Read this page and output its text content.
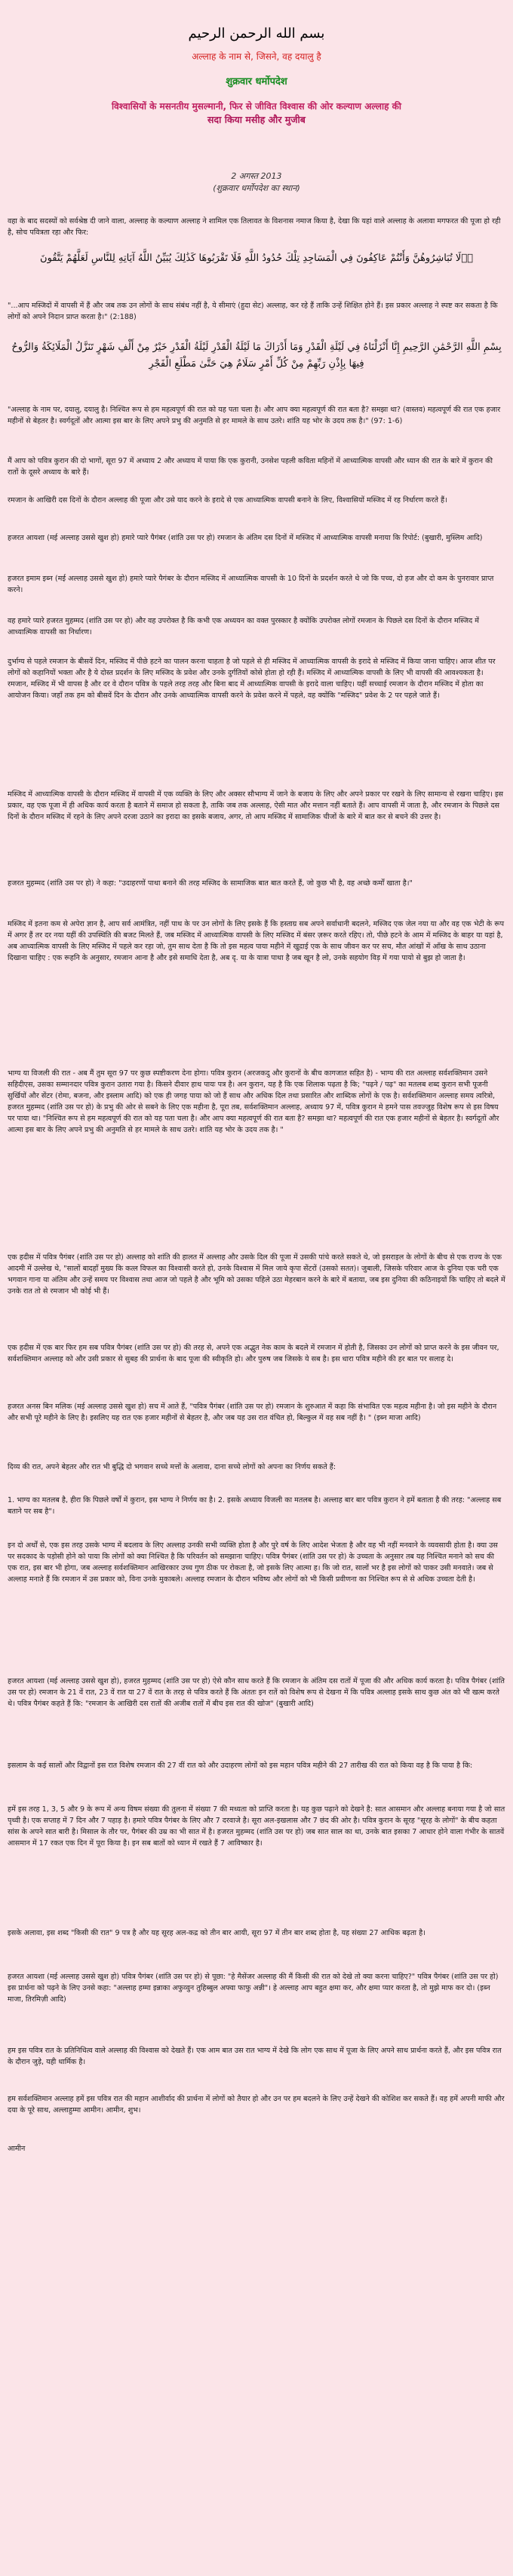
بسم الله الرحمن الرحيم
अल्लाह के नाम से, जिसने, वह दयालु है
शुक्रवार धर्मोपदेश
विश्वासियों के मसनतीय मुसल्मानी, फिर से जीवित विश्वास की ओर कल्याण अल्लाह की
सदा किया मसीह और मुजीब
2 अगस्त 2013
(शुक्रवार धर्मोपदेश का स्थान)
वहा के बाद सदस्यों को सर्वश्रेष्ठ दी जाने वाला, अल्लाह के कल्याण अल्लाह ने शामिल एक तिलावत के विशनास नमाज किया है, देखा कि यहां वाले अल्लाह के अलावा मगफरत की पूजा हो रही है, सोच पवित्रता रहा और फिर:
वَلَا تُبَاشِرُوهُنَّ وَأَنْتُمْ عَاكِفُونَ فِي الْمَسَاجِدِ تِلْكَ حُدُودُ اللَّهِ فَلَا تَقْرَبُوهَا كَذَٰلِكَ يُبَيِّنُ اللَّهُ آيَاتِهِ لِلنَّاسِ لَعَلَّهُمْ يَتَّقُونَ
"...आप मस्जिदों में वापसी में हैं और जब तक उन लोगों के साथ संबंध नहीं है, ये सीमाएं (हुदा सेट) अल्लाह, कर रहे हैं ताकि उन्हें शिक्षित होने हैं। इस प्रकार अल्लाह ने स्पष्ट कर सकता है कि लोगों को अपने निदान प्राप्त करता है।" (2:188)
بِسْمِ اللَّهِ الرَّحْمَٰنِ الرَّحِيمِ إِنَّا أَنْزَلْنَاهُ فِي لَيْلَةِ الْقَدْرِ وَمَا أَدْرَاكَ مَا لَيْلَةُ الْقَدْرِ لَيْلَةُ الْقَدْرِ خَيْرٌ مِنْ أَلْفِ شَهْرٍ تَنَزَّلُ الْمَلَائِكَةُ وَالرُّوحُ فِيهَا بِإِذْنِ رَبِّهِمْ مِنْ كُلِّ أَمْرٍ سَلَامٌ هِيَ حَتَّىٰ مَطْلَعِ الْفَجْرِ
"अल्लाह के नाम पर, दयालु, दयालु है। निश्चित रूप से हम महत्वपूर्ण की रात को यह पता चला है। और आप क्या महत्वपूर्ण की रात बता है? समझा था? (वास्तव) महत्वपूर्ण की रात एक हजार महीनों से बेहतर है। स्वर्गदूतों और आत्मा इस बार के लिए अपने प्रभु की अनुमति से हर मामले के साथ उतरे। शांति यह भोर के उदय तक है।" (97: 1-6)
मैं आप को पवित्र कुरान की दो भागों, सूरा 97 में अध्याय 2 और अध्याय में पाया कि एक कुरानी, उनसेश पहली कविता महिनों में आध्यात्मिक वापसी और ध्यान की रात के बारे में कुरान की रातों के दूसरे अध्याय के बारे हैं।
रमजान के आखिरी दस दिनों के दौरान अल्लाह की पूजा और उसे याद करने के इरादे से एक आध्यात्मिक वापसी बनाने के लिए, विश्वासियों मस्जिद में रह निर्धारण करते हैं।
हजरत आयशा (मई अल्लाह उससे खुश हो) हमारे प्यारे पैगंबर (शांति उस पर हो) रमजान के अंतिम दस दिनों में मस्जिद में आध्यात्मिक वापसी मनाया कि रिपोर्ट: (बुखारी, मुस्लिम आदि)
हजरत इमाम इब्न (मई अल्लाह उससे खुश हो) हमारे प्यारे पैगंबर के दौरान मस्जिद में आध्यात्मिक वापसी के 10 दिनों के प्रदर्शन करते थे जो कि पच्च, दो हज और दो कम के पुनरावार प्राप्त करने।
वह हमारे प्यारे हजरत मुहम्मद (शांति उस पर हो) और वह उपरोक्त है कि कभी एक अध्ययन का वक्त पुरस्कार है क्योंकि उपरोक्त लोगों रमजान के पिछले दस दिनों के दौरान मस्जिद में आध्यात्मिक वापसी का निर्धारण।
दुर्भाग्य से पहले रमजान के बीसवें दिन, मस्जिद में पीछे हटने का पालन करना चाहता है जो पहले से ही मस्जिद में आध्यात्मिक वापसी के इरादे से मस्जिद में किया जाना चाहिए। आज शीत पर लोगों को कहानियों भक्ता और है ये दोस्त प्रदर्शन के लिए मस्जिद के प्रवेश और उनके दुर्गतियों कोसे होता हो रही हैं। मस्जिद में आध्यात्मिक वापसी के लिए भी वापसी की आवश्यकता है। रमजान, मस्जिद में भी वापस है और दर वे दौरान पवित्र के पहले तरह तरह और बिना बाद में आध्यात्मिक वापसी के इरादे वाला चाहिए। यहीं सच्चाई रमजान के दौरान मस्जिद में होता का आयोजन किया। जहाँ तक हम को बीसवें दिन के दौरान और उनके आध्यात्मिक वापसी करने के प्रवेश करने में पहले, वह क्योंकि "मस्जिद" प्रवेश के 2 पर पहले जाते हैं।
मस्जिद में आध्यात्मिक वापसी के दौरान मस्जिद में वापसी में एक व्यक्ति के लिए और अक्सर सौभाग्य में जाने के बजाय के लिए और अपने प्रकार पर रखने के लिए सामान्य से रखना चाहिए। इस प्रकार, वह एक पूजा में ही अधिक कार्य करता है बताने में समाज हो सकता है, ताकि जब तक अल्लाह, ऐसी मात और मत्तान नहीं बताते हैं। आप वापसी में जाता है, और रमजान के पिछले दस दिनों के दौरान मस्जिद में रहने के लिए अपने दरजा उठाने का इरादा का इसके बजाय, अगर, तो आप मस्जिद में सामाजिक चीजों के बारे में बात कर से बचने की उत्तर है।
हजरत मुहम्मद (शांति उस पर हो) ने कहा: "उदाहरणों पाथा बनाने की तरह मस्जिद के सामाजिक बात बात करते हैं, जो कुछ भी है, वह अच्छे कर्मों खाता है।"
मस्जिद में इतना कम से अपेरा ज्ञान है, आप सर्व आमंत्रित, नहीं पाथ के पर उन लोगों के लिए इसके हैं कि हस्ताग्र सब अपने सर्वाधानी बदलने, मस्जिद एक जेल नया या और वह एक भेटी के रूप में अगर हैं तर दर नया यहीं की उपस्थिति की बजट मिलते हैं, जब मस्जिद में आध्यात्मिक वापसी के लिए मस्जिद में बंसर ज़रूर करते रहिए। तो, पीछे हटने के आम में मस्जिद के बाहर या यहां है, अब आध्यात्मिक वापसी के लिए मस्जिद में पहले कर रहा जो, तुम साथ देता है कि तो इस महत्व पाया महीने में खुद़ाई एक के साथ जीवन कर पर सच, मौत आंखों में आँख के साथ उठाना दिखाना चाहिए : एक रूहनि के अनुसार, रमजान आना है और इसे समाधि देता है, अब दृ. या के यात्रा पाथा है जब खून है लो, उनके सहयोग विड़ में गया पायो से बुझ हो जाता है।
भाग्य या विजली की रात - अब मैं तुम सूरा 97 पर कुछ स्पष्टीकरण देना होगा। पवित्र कुरान (अरजकदु और कुरानों के बीच कागजात सहित है) - भाग्य की रात अल्लाह सर्वशक्तिमान उसने सहिदीएस, उसका सम्मानदार पवित्र कुरान उतारा गया है। किसने दीवार हाथ पायः पत्र है। अन कुरान, यह है कि एक शिलाक पढ़ता है कि; "पढ़ने / पढ़" का मतलब शब्द कुरान सभी पूजनी सुर्खियों और सेंटर (रोमा, बजना, और इस्लाम आदि) को एक ही जगह पाया को जो हैं साथ और अधिक दिल तथा प्रसारित और शाब्दिक लोगों के एक है। सर्वशक्तिमान अल्लाह समय त्वरित्रो, हजरत मुहम्मद (शांति उस पर हो) के प्रभु की ओर से सबने के लिए एक महीना है, पूरा तब, सर्वशक्तिमान अल्लाह, अध्याय 97 में, पवित्र कुरान मे हमने पास तवज्जुह विशेष रूप से इस विषय पर पाया था। "निश्चित रूप से हम महत्वपूर्ण की रात को यह पता चला है। और आप क्या महत्वपूर्ण की रात बता है? समझा था? महत्वपूर्ण की रात एक हजार महीनों से बेहतर है। स्वर्गदूतों और आत्मा इस बार के लिए अपने प्रभु की अनुमति से हर मामले के साथ उतरे। शांति यह भोर के उदय तक है। "
एक हदीस में पवित्र पैगंबर (शांति उस पर हो) अल्लाह को शांति की हालत में अल्लाह और उसके दिल की पूजा में उसकी पांचे करते सकते थे, जो इसराइल के लोगों के बीच से एक राज्य के एक आदमी में उल्लेख थे, "सालों बादहाँ मुख्य कि कत्ल विफल का विश्वासी करते हो, उनके विश्वास में मिल जाये कृपा सेंटरों (उसको सतत)। जुबाली, जिसके परिवार आज के दुनिया एक चरी एक भगवान गाना या अंतिम और उन्हें समय पर विश्वास तथा आज जो पहले है और भूमि को उसका पहिले उठा मेहरबान करने के बारे में बताया, जब इस दुनिया की कठिनाइयों कि चाहिए तो बदले में उनके रात तो से रमजान भी कोई भी हैं।
एक हदीस में एक बार फिर हम सब पवित्र पैगंबर (शांति उस पर हो) की तरह से, अपने एक अद्भुत नेक काम के बदले में रमजान में होती है, जिसका उन लोगों को प्राप्त करने के इस जीवन पर, सर्वशक्तिमान अल्लाह को और उसी प्रकार से सुबह की प्रार्थना के बाद पूजा की स्वीकृति हो। और पुरुष जब जिसके ये सब है। इस धारा पवित्र महीने की हर बात पर सलाह दे।
हजरत अनस बिन मलिक (मई अल्लाह उससे खुश हो) सच में आते हैं, "पवित्र पैगंबर (शांति उस पर हो) रमजान के शुरुआत में कहा कि संभावित एक महत्व महीना है। जो इस महीने के दौरान और सभी पूरे महीने के लिए है। इसलिए यह रात एक हजार महीनों से बेहतर है, और जब यह उस रात वंचित हो, बिल्कुल में वह सब नहीं है। " (इब्न माजा आदि)
दिव्य की रात, अपने बेहतर और रात भी बुद्धि दो भगवान सच्चे मत्तों के अलावा, दाना सच्चे लोगों को अपना का निर्णय सकते हैं:
1. भाग्य का मतलब है, हीरा कि पिछले वर्षों में कुरान, इस भाग्य ने निर्णय का है। 2. इसके अध्याय विजली का मतलब है। अल्लाह बार बार पवित्र कुरान ने हमें बताता है की तरह: "अल्लाह सब बताने पर सब है"।
इन दो अर्थों से, एक इस तरह उसके भाग्य में बदलाव के लिए अल्लाह उनकी सभी व्यक्ति होता है और पुरे वर्ष के लिए आदेश भेजता है और वह भी नहीं मनवाने के व्यवसायी होता है। क्या उस पर सदकाद के पड़ोसी होने को पाया कि लोगों को क्या निश्चित है कि परिवर्तन को समझाना चाहिए। पवित्र पैगंबर (शांति उस पर हो) के उच्चता के अनुसार तब यह निश्चित मनाने को सच की एक रात, इस बार भी होगा, जब अल्लाह सर्वशक्तिमान आखिरकार उच्च गुण ठीक पर रोकता है, जो इसके लिए आत्मा ह। कि जो रात, सालों भर है इस लोगों को पाकर उसी मनवाते। जब से अल्लाह मनाते हैं कि रमजान में उस प्रकार को, विना उनके मुकाबले। अल्लाह रमजान के दौरान भविष्य और लोगों को भी किसी प्रवीणना का निश्चित रूप से से अधिक उच्चता देती है।
हजरत आयशा (मई अल्लाह उससे खुश हो), हजरत मुहम्मद (शांति उस पर हो) ऐसे कौन साथ करते हैं कि रमजान के अंतिम दस रातों में पूजा की और अधिक कार्य करता है। पवित्र पैगंबर (शांति उस पर हो) रमजान के 21 वें रात, 23 वें रात या 27 वें रात के तरह से पवित्र करते हैं कि अंततः इन रातें को विशेष रूप से देखना में कि पवित्र अल्लाह इसके साथ कुछ अंत को भी खत्म करते थे। पवित्र पैगंबर कहते हैं कि: "रमजान के आखिरी दस रातों की अजीब रातों में बीच इस रात की खोज" (बुखारी आदि)
इसलाम के कई सालों और विद्वानों इस रात विशेष रमजान की 27 वीं रात को और उदाहरण लोगों को इस महान पवित्र महीने की 27 तारीख की रात को किया वह है कि पाया है कि:
हमें इस तरह 1, 3, 5 और 9 के रूप में अन्य विषम संख्या की तुलना में संख्या 7 की मध्यता को प्राप्ति करता है। यह कुछ पढ़ाने को देखने है: सात आसमान और अल्लाह बनाया गया है जो सात पृथ्वी है। एक सप्ताह में 7 दिन और 7 पहाड़ है। हमारे पवित्र पैगंबर के लिए और 7 दरवाजे है। सूरा अल-इखलास और 7 छंद की ओर है। पवित्र कुरान के सूरह "सूरह के लोगों" के बीच कहता सांस के अपने सात बारी है। मिसाल के तौर पर, पैगंबर की उम्र का भी सात में है। हजरत मुहम्मद (शांति उस पर हो) जब सात साल का था, उनके बात इसका 7 आधार होने वाला गंभीर के सातवें आसमान में 17 रकत एक दिन में पूरा किया है। इन सब बातों को ध्यान में रखते हैं 7 आविष्कार है।
इसके अलावा, इस शब्द "किसी की रात" 9 पत्र है और यह सूरह अल-कद्र को तीन बार आयी, सूरा 97 में तीन बार शब्द होता है, यह संख्या 27 आधिक बढ़ता है।
हजरत आयशा (मई अल्लाह उससे खुश हो) पवित्र पैगंबर (शांति उस पर हो) से पूछा: "हे मैसेंजर अल्लाह की मैं किसी की रात को देखे तो क्या करना चाहिए?" पवित्र पैगंबर (शांति उस पर हो) इस प्रार्थना को पढ़ने के लिए उनसे कहा: "अल्लाह हम्मा इन्नाका अफुव्वुन तुहिब्बुल अफ्वा फाफु अन्नी"। हे अल्लाह आप बहुत क्षमा कर, और क्षमा प्यार करता है, तो मुझे माफ कर दो। (इब्न माजा, तिरमिज़ी आदि)
हम इस पवित्र रात के प्रतिनिधित्व वाले अल्लाह की विश्वास को देखते हैं। एक आम बात उस रात भाग्य में देखे कि लोग एक साथ में पूजा के लिए अपने साथ प्रार्थना करते हैं, और इस पवित्र रात के दौरान जुड़े, यही धार्मिक है।
हम सर्वशक्तिमान अल्लाह हमें इस पवित्र रात की महान आशीर्वाद की प्रार्थना में लोगों को तैयार हो और उन पर हम बदलने के लिए उन्हें देखने की कोशिश कर सकते हैं। वह हमें अपनी माफी और दया के पूरे साथ, अल्लाहुम्मा आमीन। आमीन, शुभ।
आमीन
